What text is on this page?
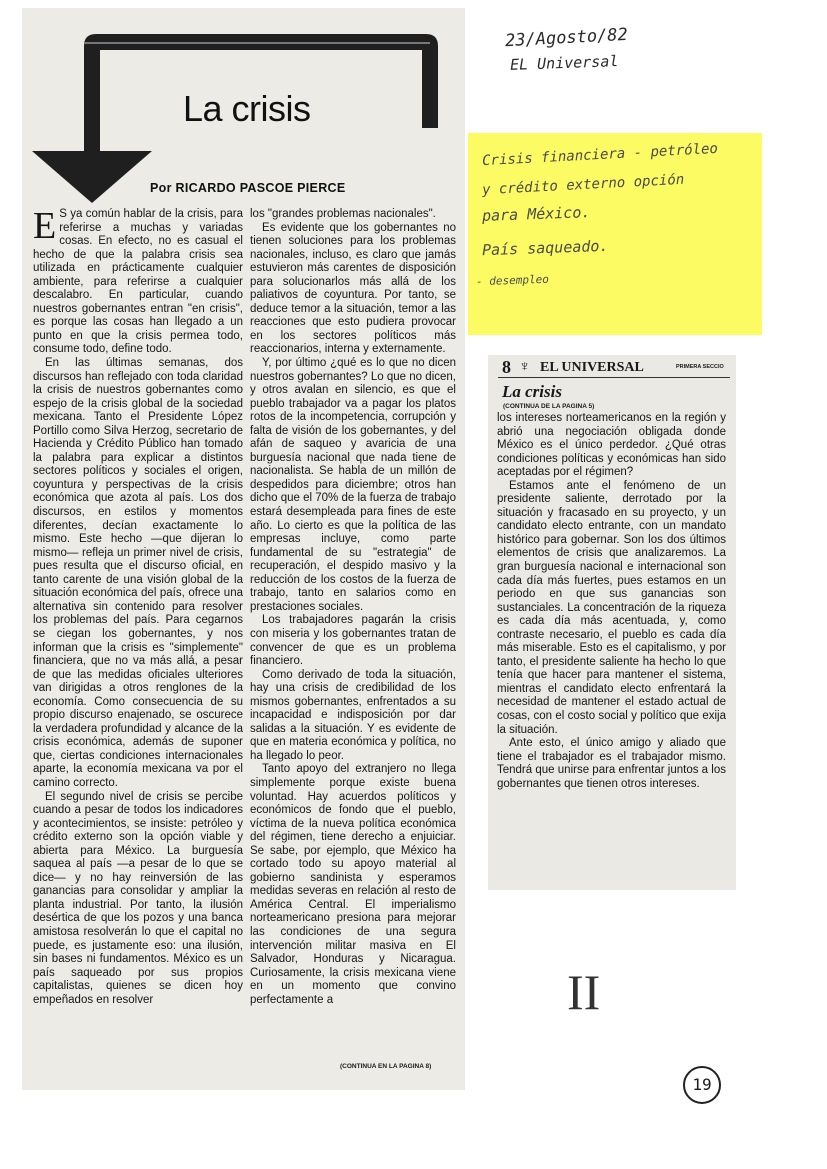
La crisis

Por RICARDO PASCOE PIERCE

E S ya común hablar de la crisis, para referirse a muchas y variadas cosas. En efecto, no es casual el hecho de que la palabra crisis sea utilizada en prácticamente cualquier ambiente, para referirse a cualquier descalabro. En particular, cuando nuestros gobernantes entran "en crisis", es porque las cosas han llegado a un punto en que la crisis permea todo, consume todo, define todo.

En las últimas semanas, dos discursos han reflejado con toda claridad la crisis de nuestros gobernantes como espejo de la crisis global de la sociedad mexicana. Tanto el Presidente López Portillo como Silva Herzog, secretario de Hacienda y Crédito Público han tomado la palabra para explicar a distintos sectores políticos y sociales el origen, coyuntura y perspectivas de la crisis económica que azota al país. Los dos discursos, en estilos y momentos diferentes, decían exactamente lo mismo. Este hecho —que dijeran lo mismo— refleja un primer nivel de crisis, pues resulta que el discurso oficial, en tanto carente de una visión global de la situación económica del país, ofrece una alternativa sin contenido para resolver los problemas del país. Para cegarnos se ciegan los gobernantes, y nos informan que la crisis es "simplemente" financiera, que no va más allá, a pesar de que las medidas oficiales ulteriores van dirigidas a otros renglones de la economía. Como consecuencia de su propio discurso enajenado, se oscurece la verdadera profundidad y alcance de la crisis económica, además de suponer que, ciertas condiciones internacionales aparte, la economía mexicana va por el camino correcto.

El segundo nivel de crisis se percibe cuando a pesar de todos los indicadores y acontecimientos, se insiste: petróleo y crédito externo son la opción viable y abierta para México. La burguesía saquea al país —a pesar de lo que se dice— y no hay reinversión de las ganancias para consolidar y ampliar la planta industrial. Por tanto, la ilusión desértica de que los pozos y una banca amistosa resolverán lo que el capital no puede, es justamente eso: una ilusión, sin bases ni fundamentos. México es un país saqueado por sus propios capitalistas, quienes se dicen hoy empeñados en resolver

los "grandes problemas nacionales".

Es evidente que los gobernantes no tienen soluciones para los problemas nacionales, incluso, es claro que jamás estuvieron más carentes de disposición para solucionarlos más allá de los paliativos de coyuntura. Por tanto, se deduce temor a la situación, temor a las reacciones que esto pudiera provocar en los sectores políticos más reaccionarios, interna y externamente.

Y, por último ¿qué es lo que no dicen nuestros gobernantes? Lo que no dicen, y otros avalan en silencio, es que el pueblo trabajador va a pagar los platos rotos de la incompetencia, corrupción y falta de visión de los gobernantes, y del afán de saqueo y avaricia de una burguesía nacional que nada tiene de nacionalista. Se habla de un millón de despedidos para diciembre; otros han dicho que el 70% de la fuerza de trabajo estará desempleada para fines de este año. Lo cierto es que la política de las empresas incluye, como parte fundamental de su "estrategia" de recuperación, el despido masivo y la reducción de los costos de la fuerza de trabajo, tanto en salarios como en prestaciones sociales.

Los trabajadores pagarán la crisis con miseria y los gobernantes tratan de convencer de que es un problema financiero.

Como derivado de toda la situación, hay una crisis de credibilidad de los mismos gobernantes, enfrentados a su incapacidad e indisposición por dar salidas a la situación. Y es evidente de que en materia económica y política, no ha llegado lo peor.

Tanto apoyo del extranjero no llega simplemente porque existe buena voluntad. Hay acuerdos políticos y económicos de fondo que el pueblo, víctima de la nueva política económica del régimen, tiene derecho a enjuiciar. Se sabe, por ejemplo, que México ha cortado todo su apoyo material al gobierno sandinista y esperamos medidas severas en relación al resto de América Central. El imperialismo norteamericano presiona para mejorar las condiciones de una segura intervención militar masiva en El Salvador, Honduras y Nicaragua. Curiosamente, la crisis mexicana viene en un momento que convino perfectamente a

(CONTINUA EN LA PAGINA 8)
23/Agosto/82
EL Universal
Crisis financiera - petróleo
y crédito externo opción
para México.
País saqueado.
- desempleo
8 ♆ EL UNIVERSAL	PRIMERA SECCIO
La crisis
(CONTINUA DE LA PAGINA 5)

los intereses norteamericanos en la región y abrió una negociación obligada donde México es el único perdedor. ¿Qué otras condiciones políticas y económicas han sido aceptadas por el régimen?

Estamos ante el fenómeno de un presidente saliente, derrotado por la situación y fracasado en su proyecto, y un candidato electo entrante, con un mandato histórico para gobernar. Son los dos últimos elementos de crisis que analizaremos. La gran burguesía nacional e internacional son cada día más fuertes, pues estamos en un periodo en que sus ganancias son sustanciales. La concentración de la riqueza es cada día más acentuada, y, como contraste necesario, el pueblo es cada día más miserable. Esto es el capitalismo, y por tanto, el presidente saliente ha hecho lo que tenía que hacer para mantener el sistema, mientras el candidato electo enfrentará la necesidad de mantener el estado actual de cosas, con el costo social y político que exija la situación.

Ante esto, el único amigo y aliado que tiene el trabajador es el trabajador mismo. Tendrá que unirse para enfrentar juntos a los gobernantes que tienen otros intereses.

II
19
